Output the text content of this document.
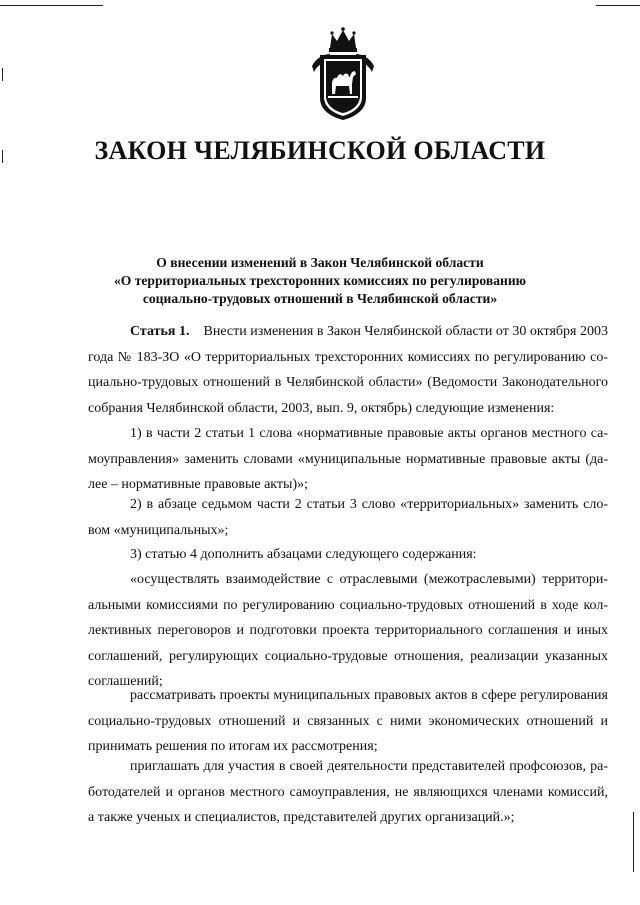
ЗАКОН ЧЕЛЯБИНСКОЙ ОБЛАСТИ
О внесении изменений в Закон Челябинской области
«О территориальных трехсторонних комиссиях по регулированию
социально-трудовых отношений в Челябинской области»
Статья 1. Внести изменения в Закон Челябинской области от 30 октября 2003
года № 183-ЗО «О территориальных трехсторонних комиссиях по регулированию со-
циально-трудовых отношений в Челябинской области» (Ведомости Законодательного
собрания Челябинской области, 2003, вып. 9, октябрь) следующие изменения:
1) в части 2 статьи 1 слова «нормативные правовые акты органов местного са-
моуправления» заменить словами «муниципальные нормативные правовые акты (да-
лее – нормативные правовые акты)»;
2) в абзаце седьмом части 2 статьи 3 слово «территориальных» заменить сло-
вом «муниципальных»;
3) статью 4 дополнить абзацами следующего содержания:
«осуществлять взаимодействие с отраслевыми (межотраслевыми) территори-
альными комиссиями по регулированию социально-трудовых отношений в ходе кол-
лективных переговоров и подготовки проекта территориального соглашения и иных
соглашений, регулирующих социально-трудовые отношения, реализации указанных
соглашений;
рассматривать проекты муниципальных правовых актов в сфере регулирования
социально-трудовых отношений и связанных с ними экономических отношений и
принимать решения по итогам их рассмотрения;
приглашать для участия в своей деятельности представителей профсоюзов, ра-
ботодателей и органов местного самоуправления, не являющихся членами комиссий,
а также ученых и специалистов, представителей других организаций.»;
